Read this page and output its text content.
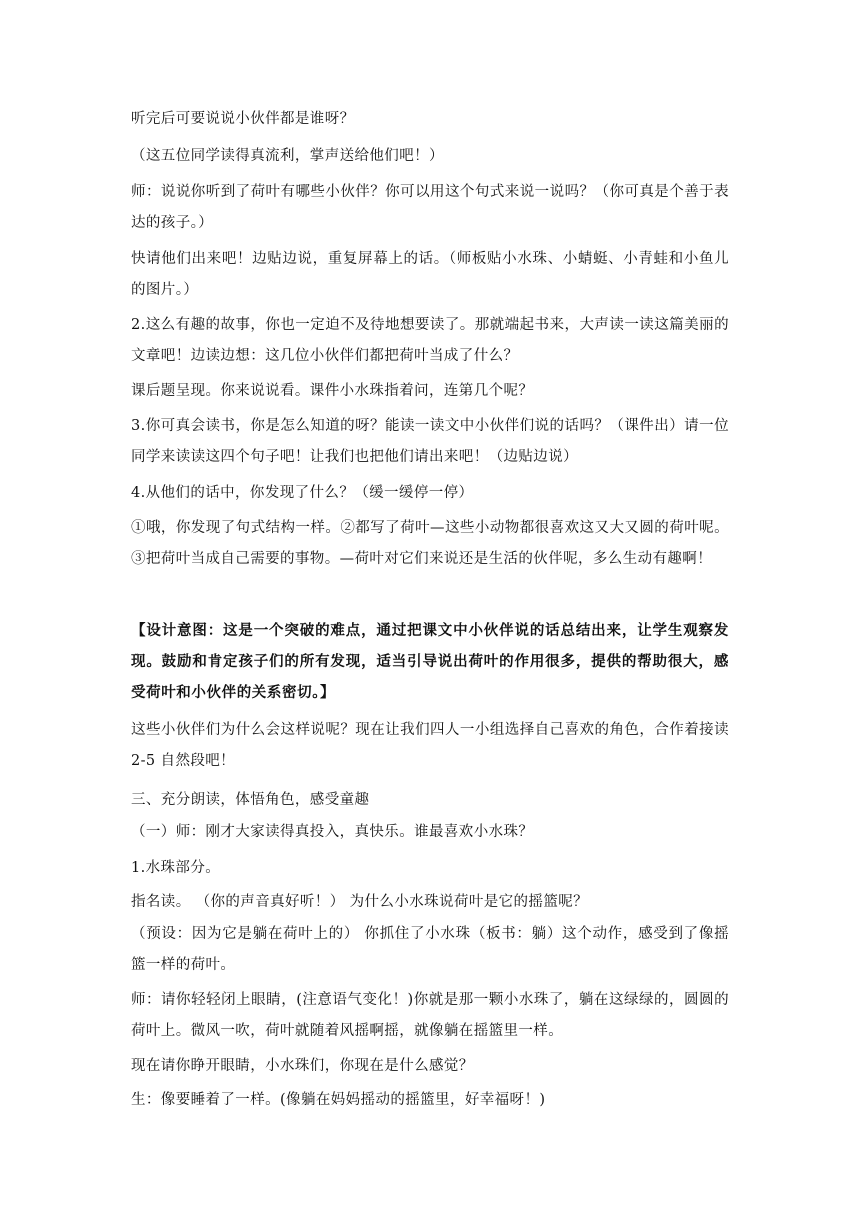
听完后可要说说小伙伴都是谁呀？

（这五位同学读得真流利，掌声送给他们吧！）

师：说说你听到了荷叶有哪些小伙伴？你可以用这个句式来说一说吗？（你可真是个善于表达的孩子。）

快请他们出来吧！边贴边说，重复屏幕上的话。（师板贴小水珠、小蜻蜓、小青蛙和小鱼儿的图片。）

2.这么有趣的故事，你也一定迫不及待地想要读了。那就端起书来，大声读一读这篇美丽的文章吧！边读边想：这几位小伙伴们都把荷叶当成了什么？

课后题呈现。你来说说看。课件小水珠指着问，连第几个呢？

3.你可真会读书，你是怎么知道的呀？能读一读文中小伙伴们说的话吗？（课件出）请一位同学来读读这四个句子吧！让我们也把他们请出来吧！（边贴边说）

4.从他们的话中，你发现了什么？（缓一缓停一停）

①哦，你发现了句式结构一样。②都写了荷叶—这些小动物都很喜欢这又大又圆的荷叶呢。③把荷叶当成自己需要的事物。—荷叶对它们来说还是生活的伙伴呢，多么生动有趣啊！

【设计意图：这是一个突破的难点，通过把课文中小伙伴说的话总结出来，让学生观察发现。鼓励和肯定孩子们的所有发现，适当引导说出荷叶的作用很多，提供的帮助很大，感受荷叶和小伙伴的关系密切。】

这些小伙伴们为什么会这样说呢？现在让我们四人一小组选择自己喜欢的角色，合作着接读 2-5 自然段吧！

三、充分朗读，体悟角色，感受童趣

（一）师：刚才大家读得真投入，真快乐。谁最喜欢小水珠？

1.水珠部分。

指名读。 （你的声音真好听！） 为什么小水珠说荷叶是它的摇篮呢？

（预设：因为它是躺在荷叶上的） 你抓住了小水珠（板书：躺）这个动作，感受到了像摇篮一样的荷叶。

师：请你轻轻闭上眼睛，(注意语气变化！)你就是那一颗小水珠了，躺在这绿绿的，圆圆的荷叶上。微风一吹，荷叶就随着风摇啊摇，就像躺在摇篮里一样。

现在请你睁开眼睛，小水珠们，你现在是什么感觉？

生：像要睡着了一样。(像躺在妈妈摇动的摇篮里，好幸福呀！)
